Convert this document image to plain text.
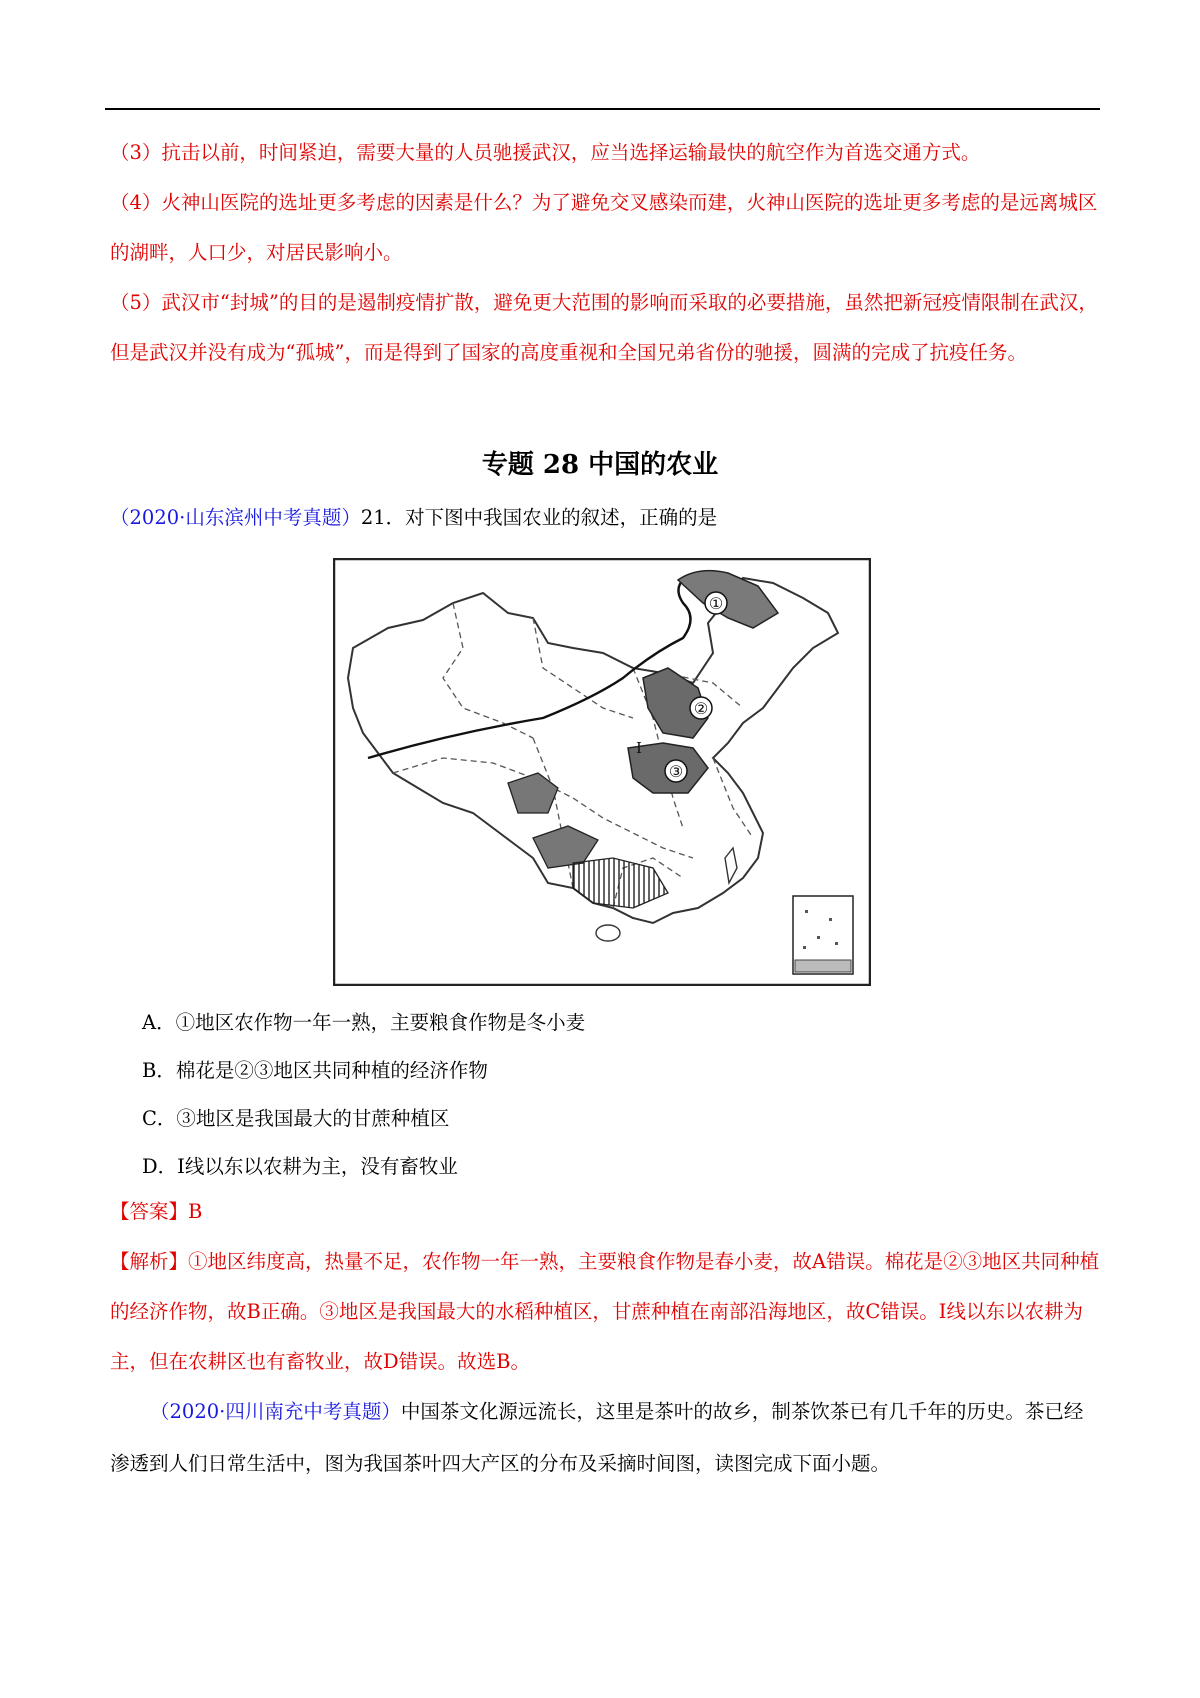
（3）抗击以前，时间紧迫，需要大量的人员驰援武汉，应当选择运输最快的航空作为首选交通方式。

（4）火神山医院的选址更多考虑的因素是什么？为了避免交叉感染而建，火神山医院的选址更多考虑的是远离城区的湖畔，人口少，对居民影响小。

（5）武汉市“封城”的目的是遏制疫情扩散，避免更大范围的影响而采取的必要措施，虽然把新冠疫情限制在武汉，但是武汉并没有成为“孤城”，而是得到了国家的高度重视和全国兄弟省份的驰援，圆满的完成了抗疫任务。

专题 28 中国的农业
（2020·山东滨州中考真题）21．对下图中我国农业的叙述，正确的是
①
②
③
Ⅰ
A．①地区农作物一年一熟，主要粮食作物是冬小麦
B．棉花是②③地区共同种植的经济作物
C．③地区是我国最大的甘蔗种植区
D．Ⅰ线以东以农耕为主，没有畜牧业
【答案】B
【解析】①地区纬度高，热量不足，农作物一年一熟，主要粮食作物是春小麦，故A错误。棉花是②③地区共同种植的经济作物，故B正确。③地区是我国最大的水稻种植区，甘蔗种植在南部沿海地区，故C错误。Ⅰ线以东以农耕为主，但在农耕区也有畜牧业，故D错误。故选B。
（2020·四川南充中考真题）中国茶文化源远流长，这里是茶叶的故乡，制茶饮茶已有几千年的历史。茶已经渗透到人们日常生活中，图为我国茶叶四大产区的分布及采摘时间图，读图完成下面小题。
